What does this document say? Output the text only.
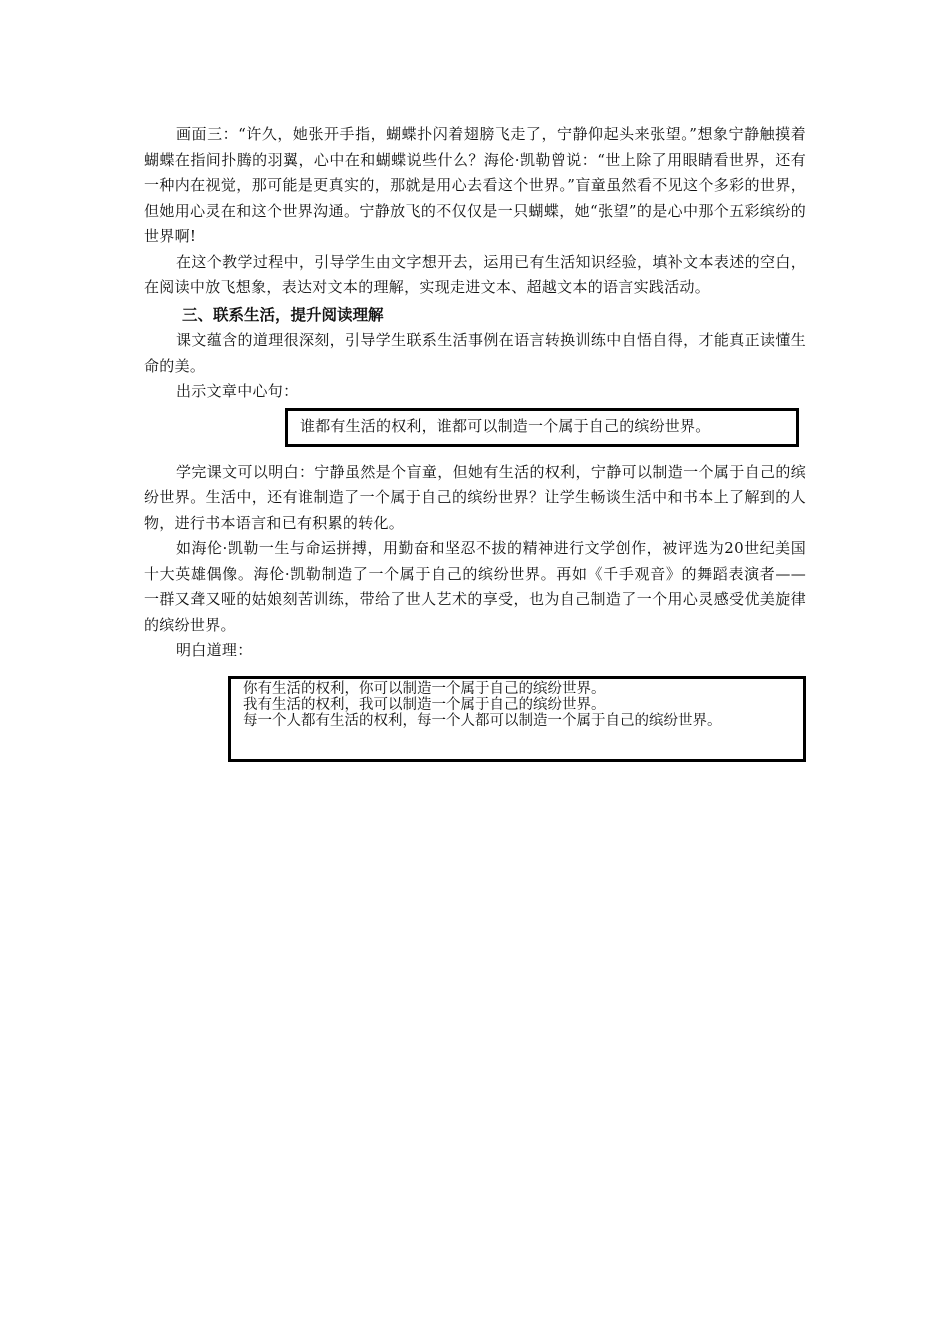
画面三：“许久，她张开手指，蝴蝶扑闪着翅膀飞走了，宁静仰起头来张望。”想象宁静触摸着蝴蝶在指间扑腾的羽翼，心中在和蝴蝶说些什么？海伦·凯勒曾说：“世上除了用眼睛看世界，还有一种内在视觉，那可能是更真实的，那就是用心去看这个世界。”盲童虽然看不见这个多彩的世界，但她用心灵在和这个世界沟通。宁静放飞的不仅仅是一只蝴蝶，她“张望”的是心中那个五彩缤纷的世界啊!

在这个教学过程中，引导学生由文字想开去，运用已有生活知识经验，填补文本表述的空白，在阅读中放飞想象，表达对文本的理解，实现走进文本、超越文本的语言实践活动。

三、联系生活，提升阅读理解

课文蕴含的道理很深刻，引导学生联系生活事例在语言转换训练中自悟自得，才能真正读懂生命的美。

出示文章中心句：

谁都有生活的权利，谁都可以制造一个属于自己的缤纷世界。

学完课文可以明白：宁静虽然是个盲童，但她有生活的权利，宁静可以制造一个属于自己的缤纷世界。生活中，还有谁制造了一个属于自己的缤纷世界？让学生畅谈生活中和书本上了解到的人物，进行书本语言和已有积累的转化。

如海伦·凯勒一生与命运拼搏，用勤奋和坚忍不拔的精神进行文学创作，被评选为20世纪美国十大英雄偶像。海伦·凯勒制造了一个属于自己的缤纷世界。再如《千手观音》的舞蹈表演者——一群又聋又哑的姑娘刻苦训练，带给了世人艺术的享受，也为自己制造了一个用心灵感受优美旋律的缤纷世界。

明白道理：

你有生活的权利，你可以制造一个属于自己的缤纷世界。
我有生活的权利，我可以制造一个属于自己的缤纷世界。
每一个人都有生活的权利，每一个人都可以制造一个属于自己的缤纷世界。
